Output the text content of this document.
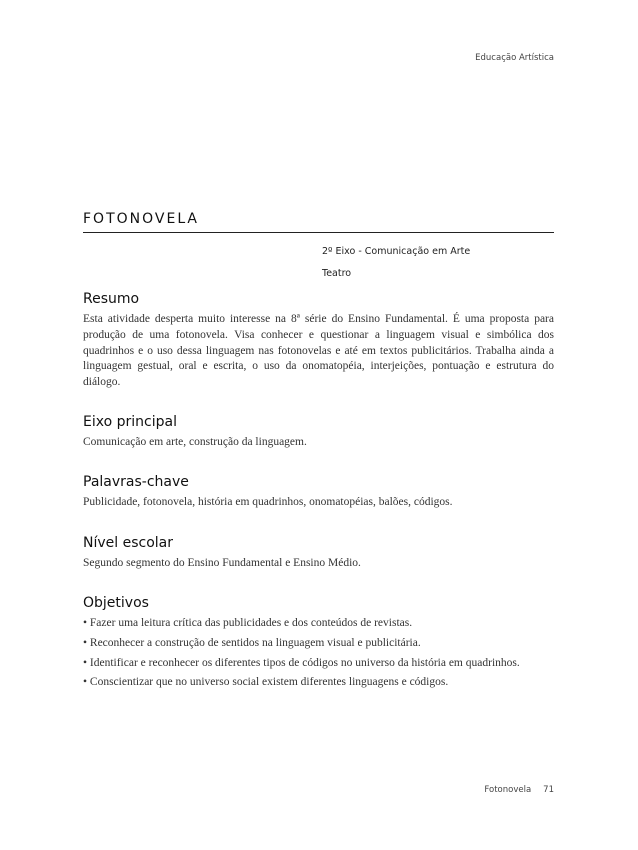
Educação Artística
FOTONOVELA
2º Eixo - Comunicação em Arte
Teatro
Resumo

Esta atividade desperta muito interesse na 8ª série do Ensino Fundamental. É uma proposta para produção de uma fotonovela. Visa conhecer e questionar a linguagem visual e simbólica dos quadrinhos e o uso dessa linguagem nas fotonovelas e até em textos publicitários. Trabalha ainda a linguagem gestual, oral e escrita, o uso da onomatopéia, interjeições, pontuação e estrutura do diálogo.

Eixo principal

Comunicação em arte, construção da linguagem.

Palavras-chave

Publicidade, fotonovela, história em quadrinhos, onomatopéias, balões, códigos.

Nível escolar

Segundo segmento do Ensino Fundamental e Ensino Médio.

Objetivos

• Fazer uma leitura crítica das publicidades e dos conteúdos de revistas.

• Reconhecer a construção de sentidos na linguagem visual e publicitária.

• Identificar e reconhecer os diferentes tipos de códigos no universo da história em quadrinhos.

• Conscientizar que no universo social existem diferentes linguagens e códigos.

Fotonovela 71
